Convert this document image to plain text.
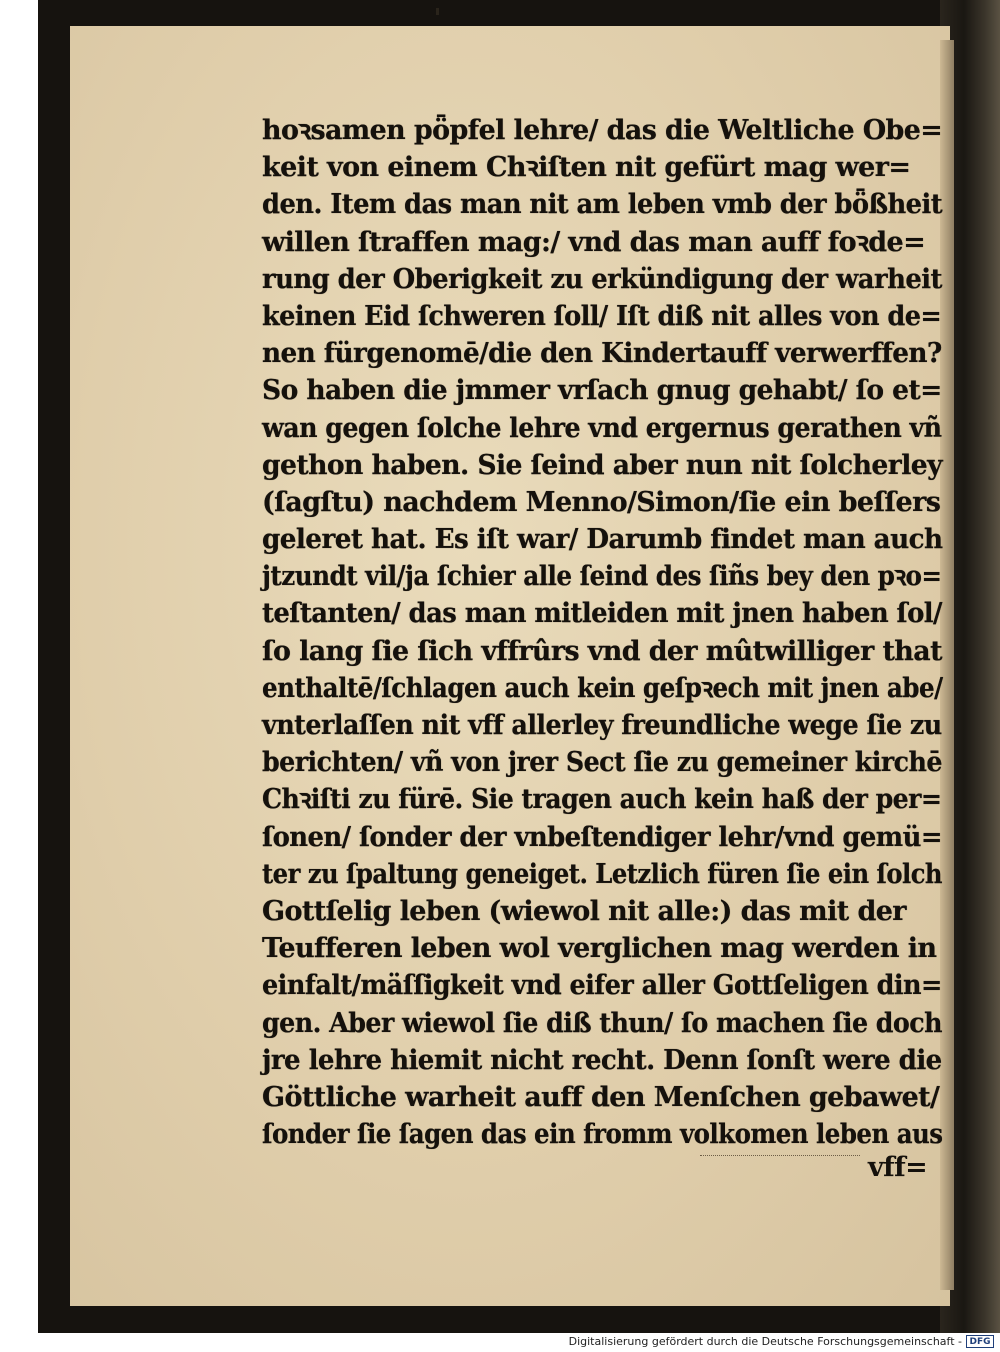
hoꝛsamen pȫpfel lehre/ das die Weltliche Obe=
keit von einem Chꝛiſten nit gefürt mag wer=
den. Item das man nit am leben vmb der bȫßheit
willen ſtraffen mag:/ vnd das man auff foꝛde=
rung der Oberigkeit zu erkündigung der warheit
keinen Eid ſchweren ſoll/ Iſt diß nit alles von de=
nen fürgenomē/die den Kindertauff verwerffen?
So haben die jmmer vrſach gnug gehabt/ ſo et=
wan gegen ſolche lehre vnd ergernus gerathen vñ
gethon haben. Sie ſeind aber nun nit ſolcherley
(ſagſtu) nachdem Menno/Simon/ſie ein beſſers
geleret hat. Es iſt war/ Darumb findet man auch
jtzundt vil/ja ſchier alle ſeind des ſiñs bey den pꝛo=
teſtanten/ das man mitleiden mit jnen haben ſol/
ſo lang ſie ſich vffrûrs vnd der mûtwilliger that
enthaltē/ſchlagen auch kein geſpꝛech mit jnen abe/
vnterlaſſen nit vff allerley freundliche wege ſie zu
berichten/ vñ von jrer Sect ſie zu gemeiner kirchē
Chꝛiſti zu fürē. Sie tragen auch kein haß der per=
ſonen/ ſonder der vnbeſtendiger lehr/vnd gemü=
ter zu ſpaltung geneiget. Letzlich füren ſie ein ſolch
Gottſelig leben (wiewol nit alle:) das mit der
Teufferen leben wol verglichen mag werden in
einfalt/mäſſigkeit vnd eifer aller Gottſeligen din=
gen. Aber wiewol ſie diß thun/ ſo machen ſie doch
jre lehre hiemit nicht recht. Denn ſonſt were die
Göttliche warheit auff den Menſchen gebawet/
ſonder ſie ſagen das ein fromm volkomen leben aus
vff=
Digitalisierung gefördert durch die Deutsche Forschungsgemeinschaft - DFG
